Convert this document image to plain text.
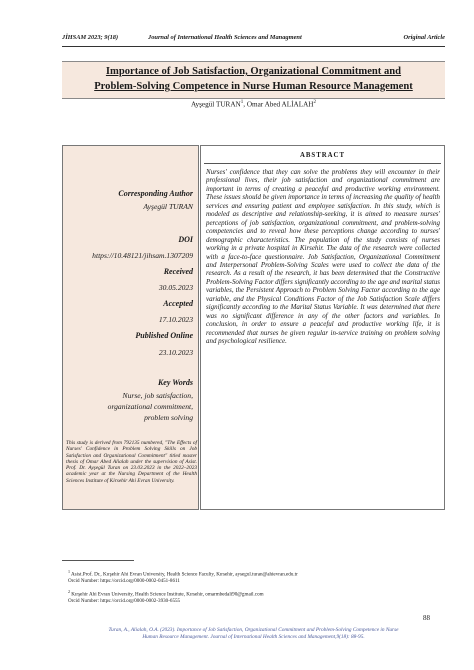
JİHSAM 2023; 9(18)	Journal of International Health Sciences and Managment	Original Article
Importance of Job Satisfaction, Organizational Commitment and
Problem-Solving Competence in Nurse Human Resource Management
Ayşegül TURAN$^1$, Omar Abed ALİALAH$^2$
Corresponding Author
Ayşegül TURAN
DOI
https://10.48121/jihsam.1307209
Received
30.05.2023
Accepted
17.10.2023
Published Online
23.10.2023
Key Words
Nurse, job satisfaction,
organizational commitment,
problem solving
This study is derived from 792135 numbered, "The Effects of Nurses' Confidence in Problem Solving Skills on Job Satisfaction and Organizational Commitment" titled master thesis of Omar Abed Alialah under the supervision of Asist. Prof. Dr. Ayşegül Turan on 23.03.2023 in the 2022–2023 academic year at the Nursing Department of the Health Sciences Institute of Kirsehir Ahi Evran University.
ABSTRACT
Nurses' confidence that they can solve the problems they will encounter in their professional lives, their job satisfaction and organizational commitment are important in terms of creating a peaceful and productive working environment. These issues should be given importance in terms of increasing the quality of health services and ensuring patient and employee satisfaction. In this study, which is modeled as descriptive and relationship-seeking, it is aimed to measure nurses' perceptions of job satisfaction, organizational commitment, and problem-solving competencies and to reveal how these perceptions change according to nurses' demographic characteristics. The population of the study consists of nurses working in a private hospital in Kirsehir. The data of the research were collected with a face-to-face questionnaire. Job Satisfaction, Organizational Commitment and Interpersonal Problem-Solving Scales were used to collect the data of the research. As a result of the research, it has been determined that the Constructive Problem-Solving Factor differs significantly according to the age and marital status variables, the Persistent Approach to Problem Solving Factor according to the age variable, and the Physical Conditions Factor of the Job Satisfaction Scale differs significantly according to the Marital Status Variable. It was determined that there was no significant difference in any of the other factors and variables. In conclusion, in order to ensure a peaceful and productive working life, it is recommended that nurses be given regular in-service training on problem solving and psychological resilience.
$^1$ Asist.Prof. Dr., Kırşehir Ahi Evran University, Health Science Faculty, Kırsehir, aysegul.turan@ahievran.edu.tr
Orcid Number: https://orcid.org/0000-0002-0451-8611
$^2$ Kırşehir Ahi Evran University, Health Science Institute, Kırsehir, omarmbedali90@gmail.com
Orcid Number: https://orcid.org/0000-0002-3930-6555
88
Turan, A., Alialah, O.A. (2023). Importance of Job Satisfaction, Organizational Commitment and Problem-Solving Competence in Nurse
Human Resource Management. Journal of International Health Sciences and Management,9(18): 88-95.
